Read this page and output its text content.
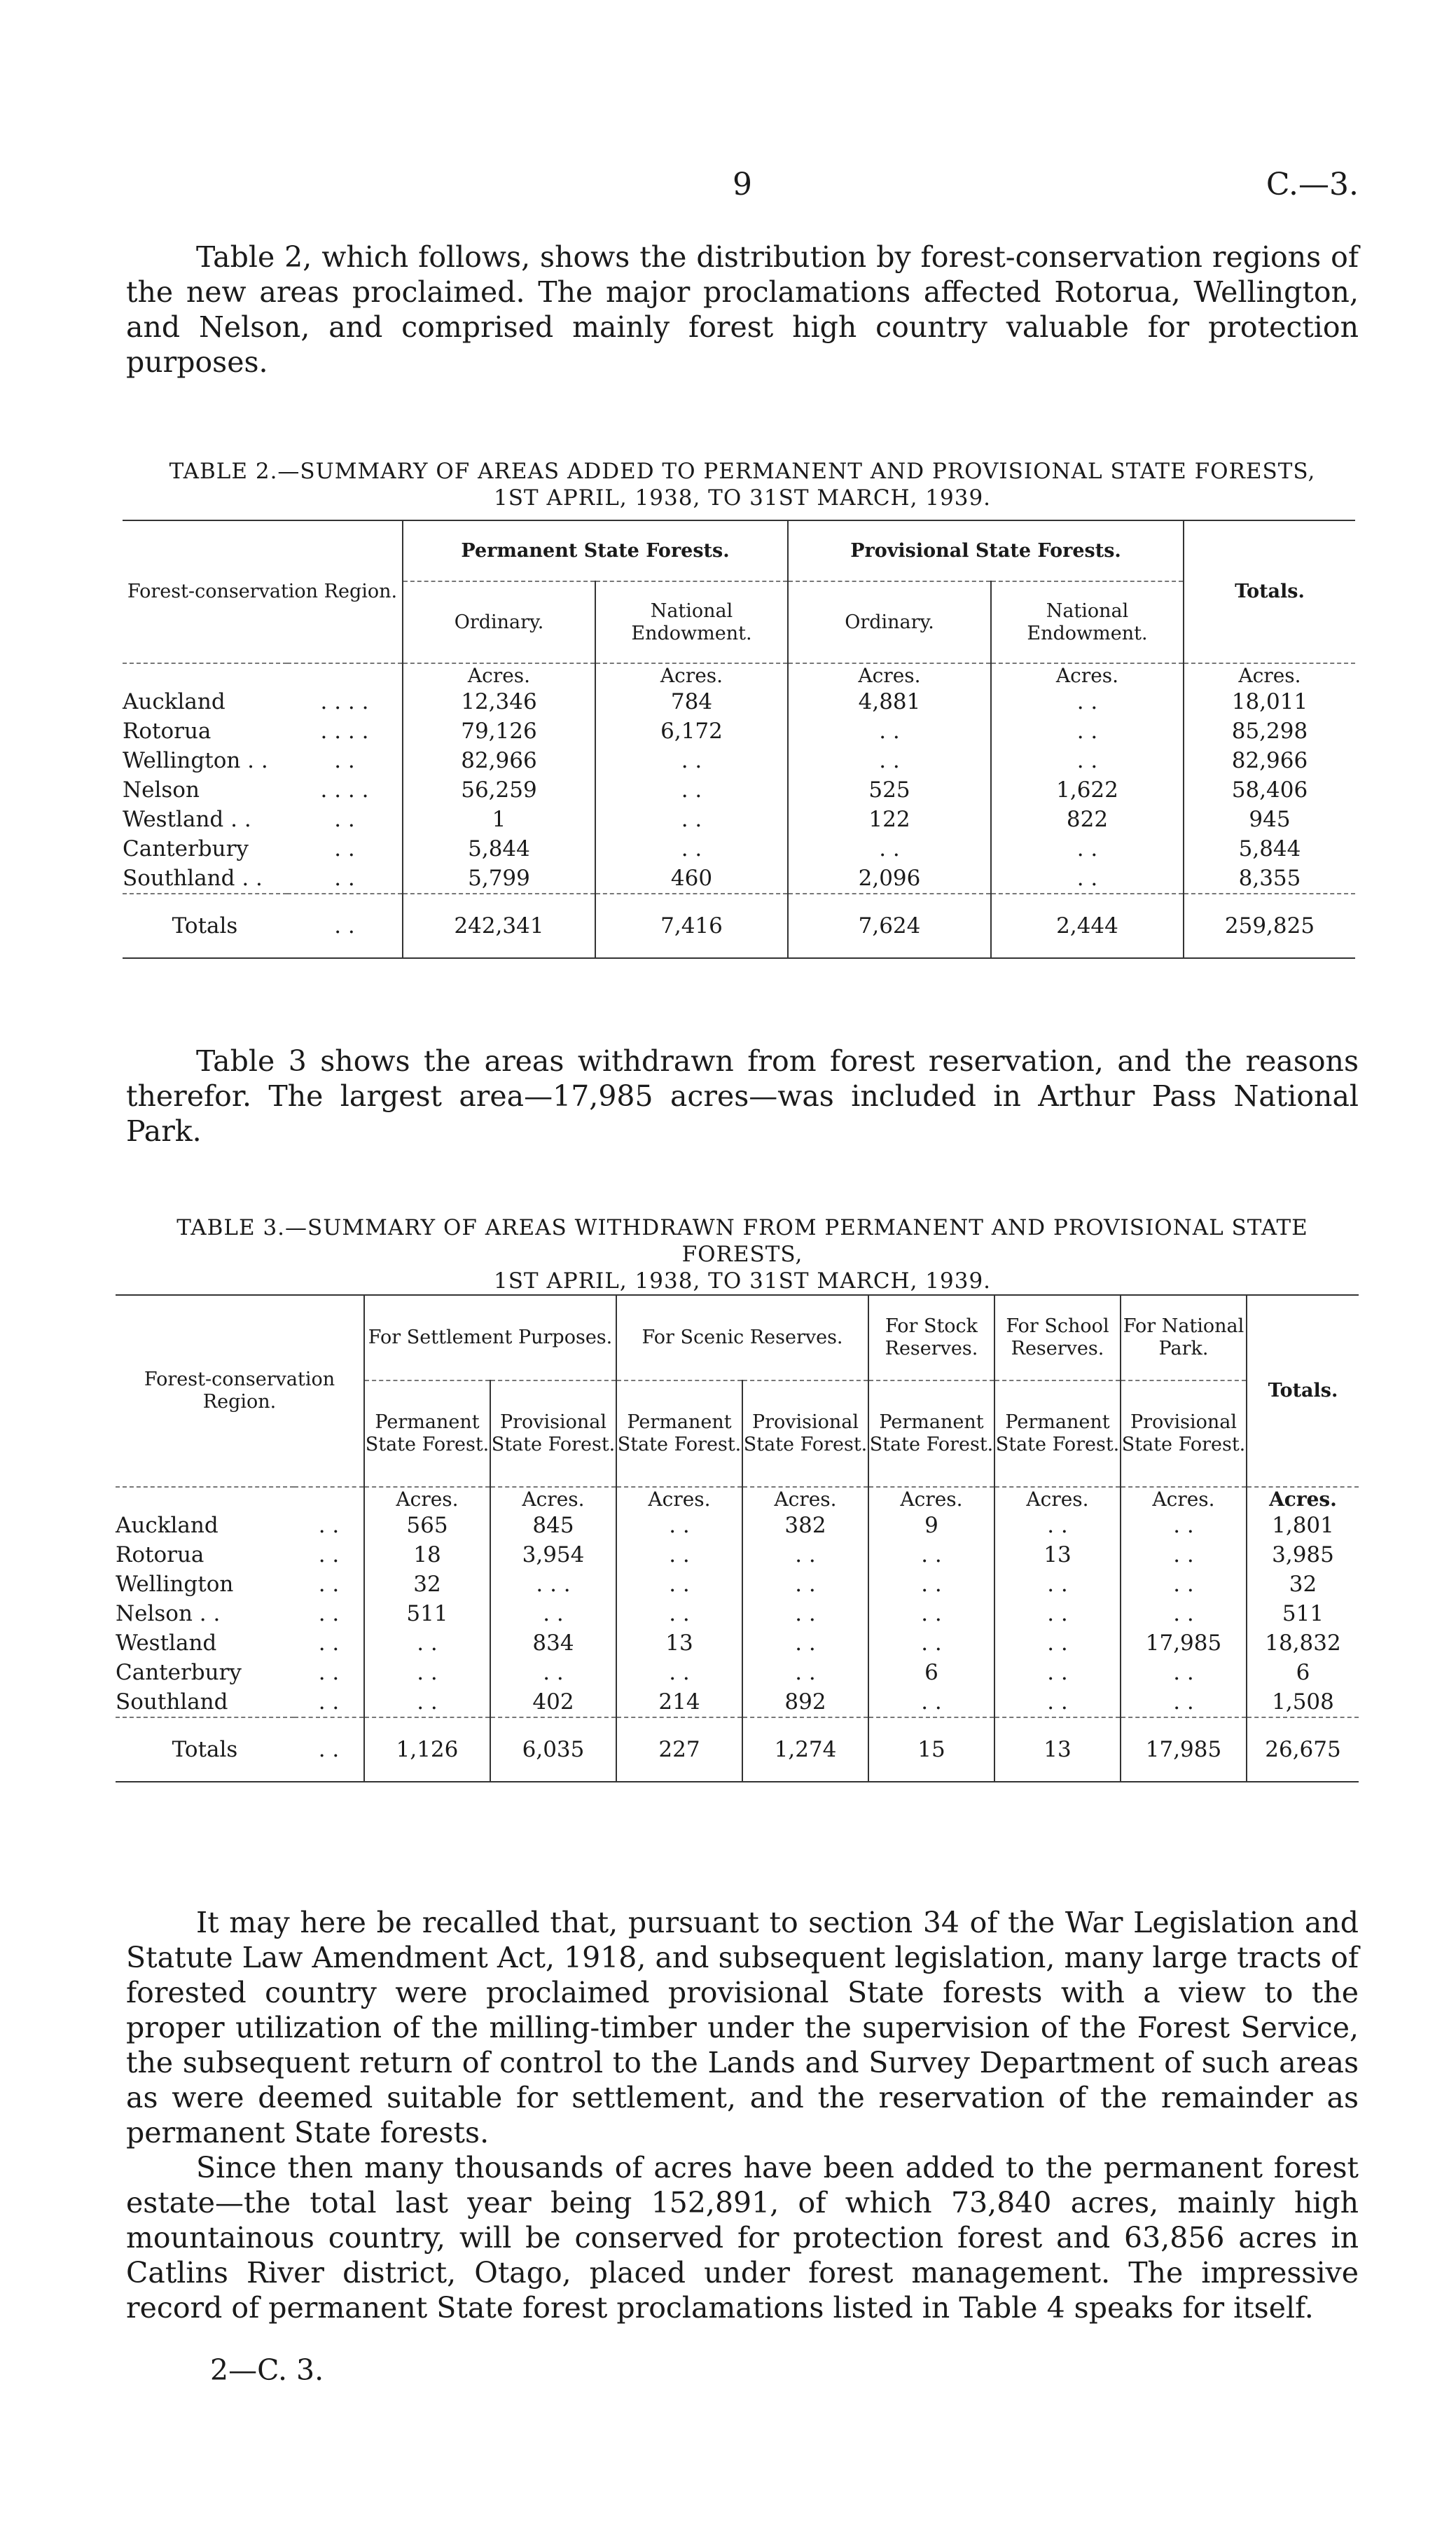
9	C.—3.

Table 2, which follows, shows the distribution by forest-conservation regions of the new areas proclaimed. The major proclamations affected Rotorua, Wellington, and Nelson, and comprised mainly forest high country valuable for protection purposes.

TABLE 2.—SUMMARY OF AREAS ADDED TO PERMANENT AND PROVISIONAL STATE FORESTS,
1ST APRIL, 1938, TO 31ST MARCH, 1939.
Forest-conservation Region.		Permanent State Forests.		Provisional State Forests.		Totals.
		Ordinary.	National Endowment.	Ordinary.	National Endowment.	
		Acres.	Acres.	Acres.	Acres.	Acres.
Auckland	. . . .	12,346	784	4,881	. .	18,011
Rotorua	. . . .	79,126	6,172	. .	. .	85,298
Wellington . .	. .	82,966	. .	. .	. .	82,966
Nelson	. . . .	56,259	. .	525	1,622	58,406
Westland . .	. .	1	. .	122	822	945
Canterbury	. .	5,844	. .	. .	. .	5,844
Southland . .	. .	5,799	460	2,096	. .	8,355
Totals	. .	242,341	7,416	7,624	2,444	259,825

Table 3 shows the areas withdrawn from forest reservation, and the reasons therefor. The largest area—17,985 acres—was included in Arthur Pass National Park.

TABLE 3.—SUMMARY OF AREAS WITHDRAWN FROM PERMANENT AND PROVISIONAL STATE FORESTS,
1ST APRIL, 1938, TO 31ST MARCH, 1939.
Forest-conservation Region.		For Settlement Purposes.		For Scenic Reserves.		For Stock Reserves.	For School Reserves.	For National Park.	Totals.
		Permanent State Forest.	Provisional State Forest.	Permanent State Forest.	Provisional State Forest.	Permanent State Forest.	Permanent State Forest.	Provisional State Forest.	
		Acres.	Acres.	Acres.	Acres.	Acres.	Acres.	Acres.	Acres.
Auckland	. .	565	845	. .	382	9	. .	. .	1,801
Rotorua	. .	18	3,954	. .	. .	. .	13	. .	3,985
Wellington	. .	32	. . .	. .	. .	. .	. .	. .	32
Nelson . .	. .	511	. .	. .	. .	. .	. .	. .	511
Westland	. .	. .	834	13	. .	. .	. .	17,985	18,832
Canterbury	. .	. .	. .	. .	. .	6	. .	. .	6
Southland	. .	. .	402	214	892	. .	. .	. .	1,508
Totals	. .	1,126	6,035	227	1,274	15	13	17,985	26,675

It may here be recalled that, pursuant to section 34 of the War Legislation and Statute Law Amendment Act, 1918, and subsequent legislation, many large tracts of forested country were proclaimed provisional State forests with a view to the proper utilization of the milling-timber under the supervision of the Forest Service, the subsequent return of control to the Lands and Survey Department of such areas as were deemed suitable for settlement, and the reservation of the remainder as permanent State forests.

Since then many thousands of acres have been added to the permanent forest estate—the total last year being 152,891, of which 73,840 acres, mainly high mountainous country, will be conserved for protection forest and 63,856 acres in Catlins River district, Otago, placed under forest management. The impressive record of permanent State forest proclamations listed in Table 4 speaks for itself.

2—C. 3.
